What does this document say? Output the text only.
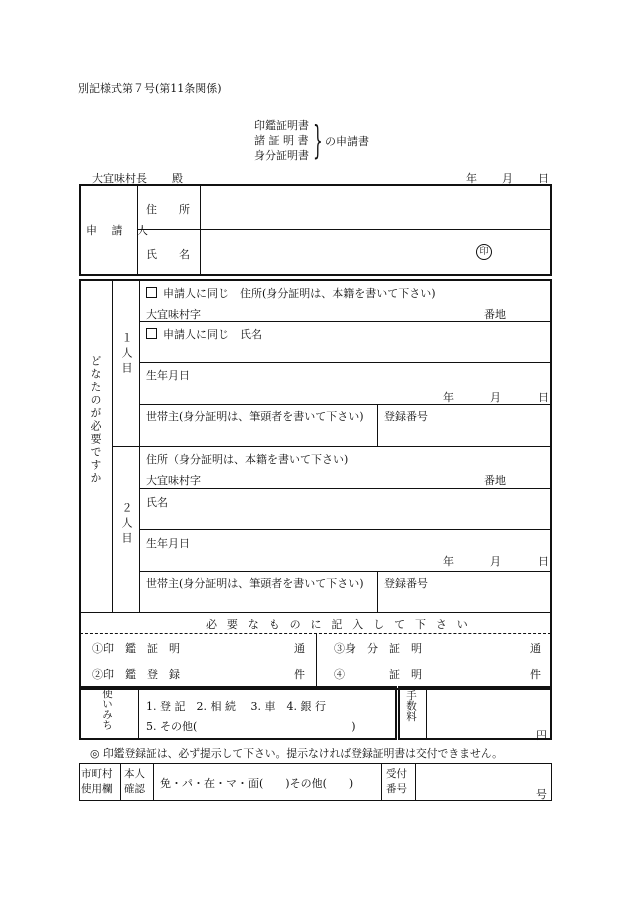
別記様式第７号(第11条関係)
印鑑証明書
諸 証 明 書
身分証明書 } の申請書
大宜味村長 殿	年 月 日
申 請 人
住　　所
氏　　名	印
どなたのが必要ですか
１人目
申請人に同じ　住所(身分証明は、本籍を書いて下さい)
大宜味村字	番地
申請人に同じ　氏名
生年月日
年	月	日
世帯主(身分証明は、筆頭者を書いて下さい) 登録番号
２人目
住所（身分証明は、本籍を書いて下さい)
大宜味村字	番地
氏名
生年月日
年	月	日
世帯主(身分証明は、筆頭者を書いて下さい) 登録番号
必要なものに記入して下さい
①印　鑑　証　明	通	③身　分　証　明	通
②印　鑑　登　録	件	④　　　　証　明	件
使いみち	1. 登 記　2. 相 続　 3. 車　4. 銀 行
5. その他(　　　　　　　　　　　　　　)
手数料
円
◎ 印鑑登録証は、必ず提示して下さい。提示なければ登録証明書は交付できません。
市町村使用欄
本人確認	免・パ・在・マ・面(　　)その他(　　)
受付番号	号
